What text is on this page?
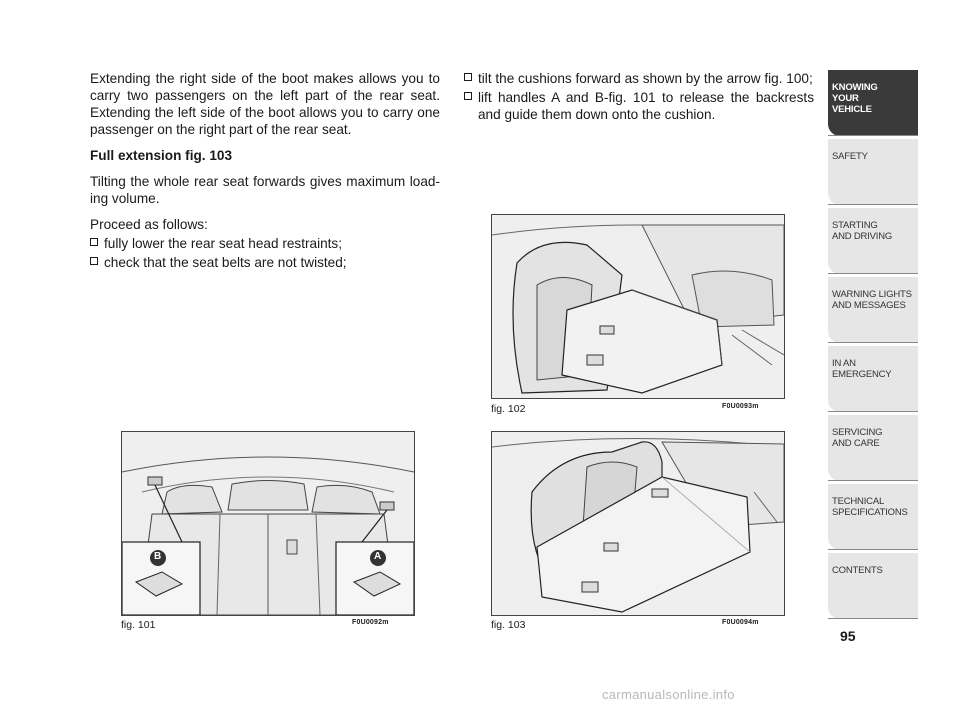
Extending the right side of the boot makes allows you to carry two passengers on the left part of the rear seat. Extending the left side of the boot allows you to carry one passenger on the right part of the rear seat.

Full extension fig. 103

Tilting the whole rear seat forwards gives maximum load-ing volume.

Proceed as follows:

fully lower the rear seat head restraints;
check that the seat belts are not twisted;
tilt the cushions forward as shown by the arrow fig. 100;
lift handles A and B-fig. 101 to release the backrests and guide them down onto the cushion.
B	A
fig. 101	F0U0092m
fig. 102	F0U0093m
fig. 103	F0U0094m
KNOWING
YOUR
VEHICLE
SAFETY
STARTING
AND DRIVING
WARNING LIGHTS
AND MESSAGES
IN AN
EMERGENCY
SERVICING
AND CARE
TECHNICAL
SPECIFICATIONS
CONTENTS
95
carmanualsonline.info
